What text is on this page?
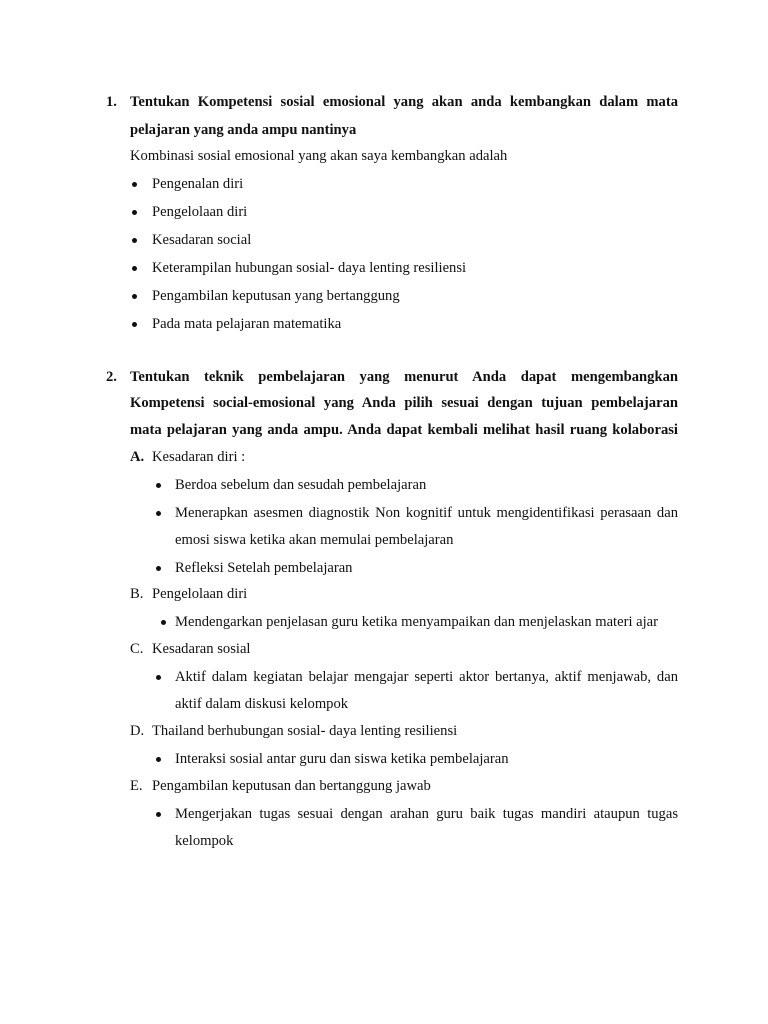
1. Tentukan Kompetensi sosial emosional yang akan anda kembangkan dalam mata
pelajaran yang anda ampu nantinya
Kombinasi sosial emosional yang akan saya kembangkan adalah
Pengenalan diri
Pengelolaan diri
Kesadaran social
Keterampilan hubungan sosial- daya lenting resiliensi
Pengambilan keputusan yang bertanggung
Pada mata pelajaran matematika
2. Tentukan teknik pembelajaran yang menurut Anda dapat mengembangkan
Kompetensi social-emosional yang Anda pilih sesuai dengan tujuan pembelajaran
mata pelajaran yang anda ampu. Anda dapat kembali melihat hasil ruang kolaborasi
A. Kesadaran diri :
Berdoa sebelum dan sesudah pembelajaran
Menerapkan asesmen diagnostik Non kognitif untuk mengidentifikasi perasaan dan
emosi siswa ketika akan memulai pembelajaran
Refleksi Setelah pembelajaran
B. Pengelolaan diri
Mendengarkan penjelasan guru ketika menyampaikan dan menjelaskan materi ajar
C. Kesadaran sosial
Aktif dalam kegiatan belajar mengajar seperti aktor bertanya, aktif menjawab, dan
aktif dalam diskusi kelompok
D. Thailand berhubungan sosial- daya lenting resiliensi
Interaksi sosial antar guru dan siswa ketika pembelajaran
E. Pengambilan keputusan dan bertanggung jawab
Mengerjakan tugas sesuai dengan arahan guru baik tugas mandiri ataupun tugas
kelompok
